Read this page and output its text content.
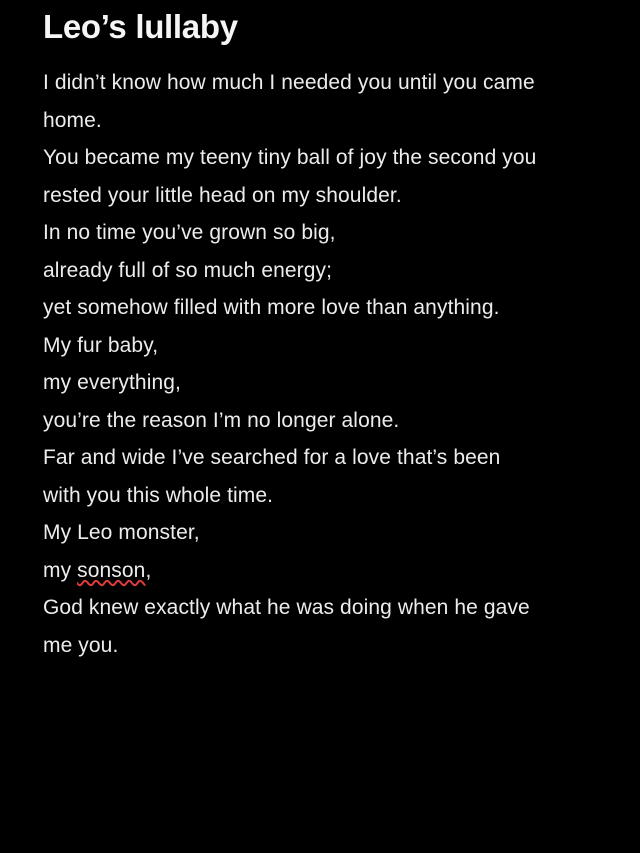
Leo’s lullaby
I didn’t know how much I needed you until you came
home.
You became my teeny tiny ball of joy the second you
rested your little head on my shoulder.
In no time you’ve grown so big,
already full of so much energy;
yet somehow filled with more love than anything.
My fur baby,
my everything,
you’re the reason I’m no longer alone.
Far and wide I’ve searched for a love that’s been
with you this whole time.
My Leo monster,
my sonson,
God knew exactly what he was doing when he gave
me you.
